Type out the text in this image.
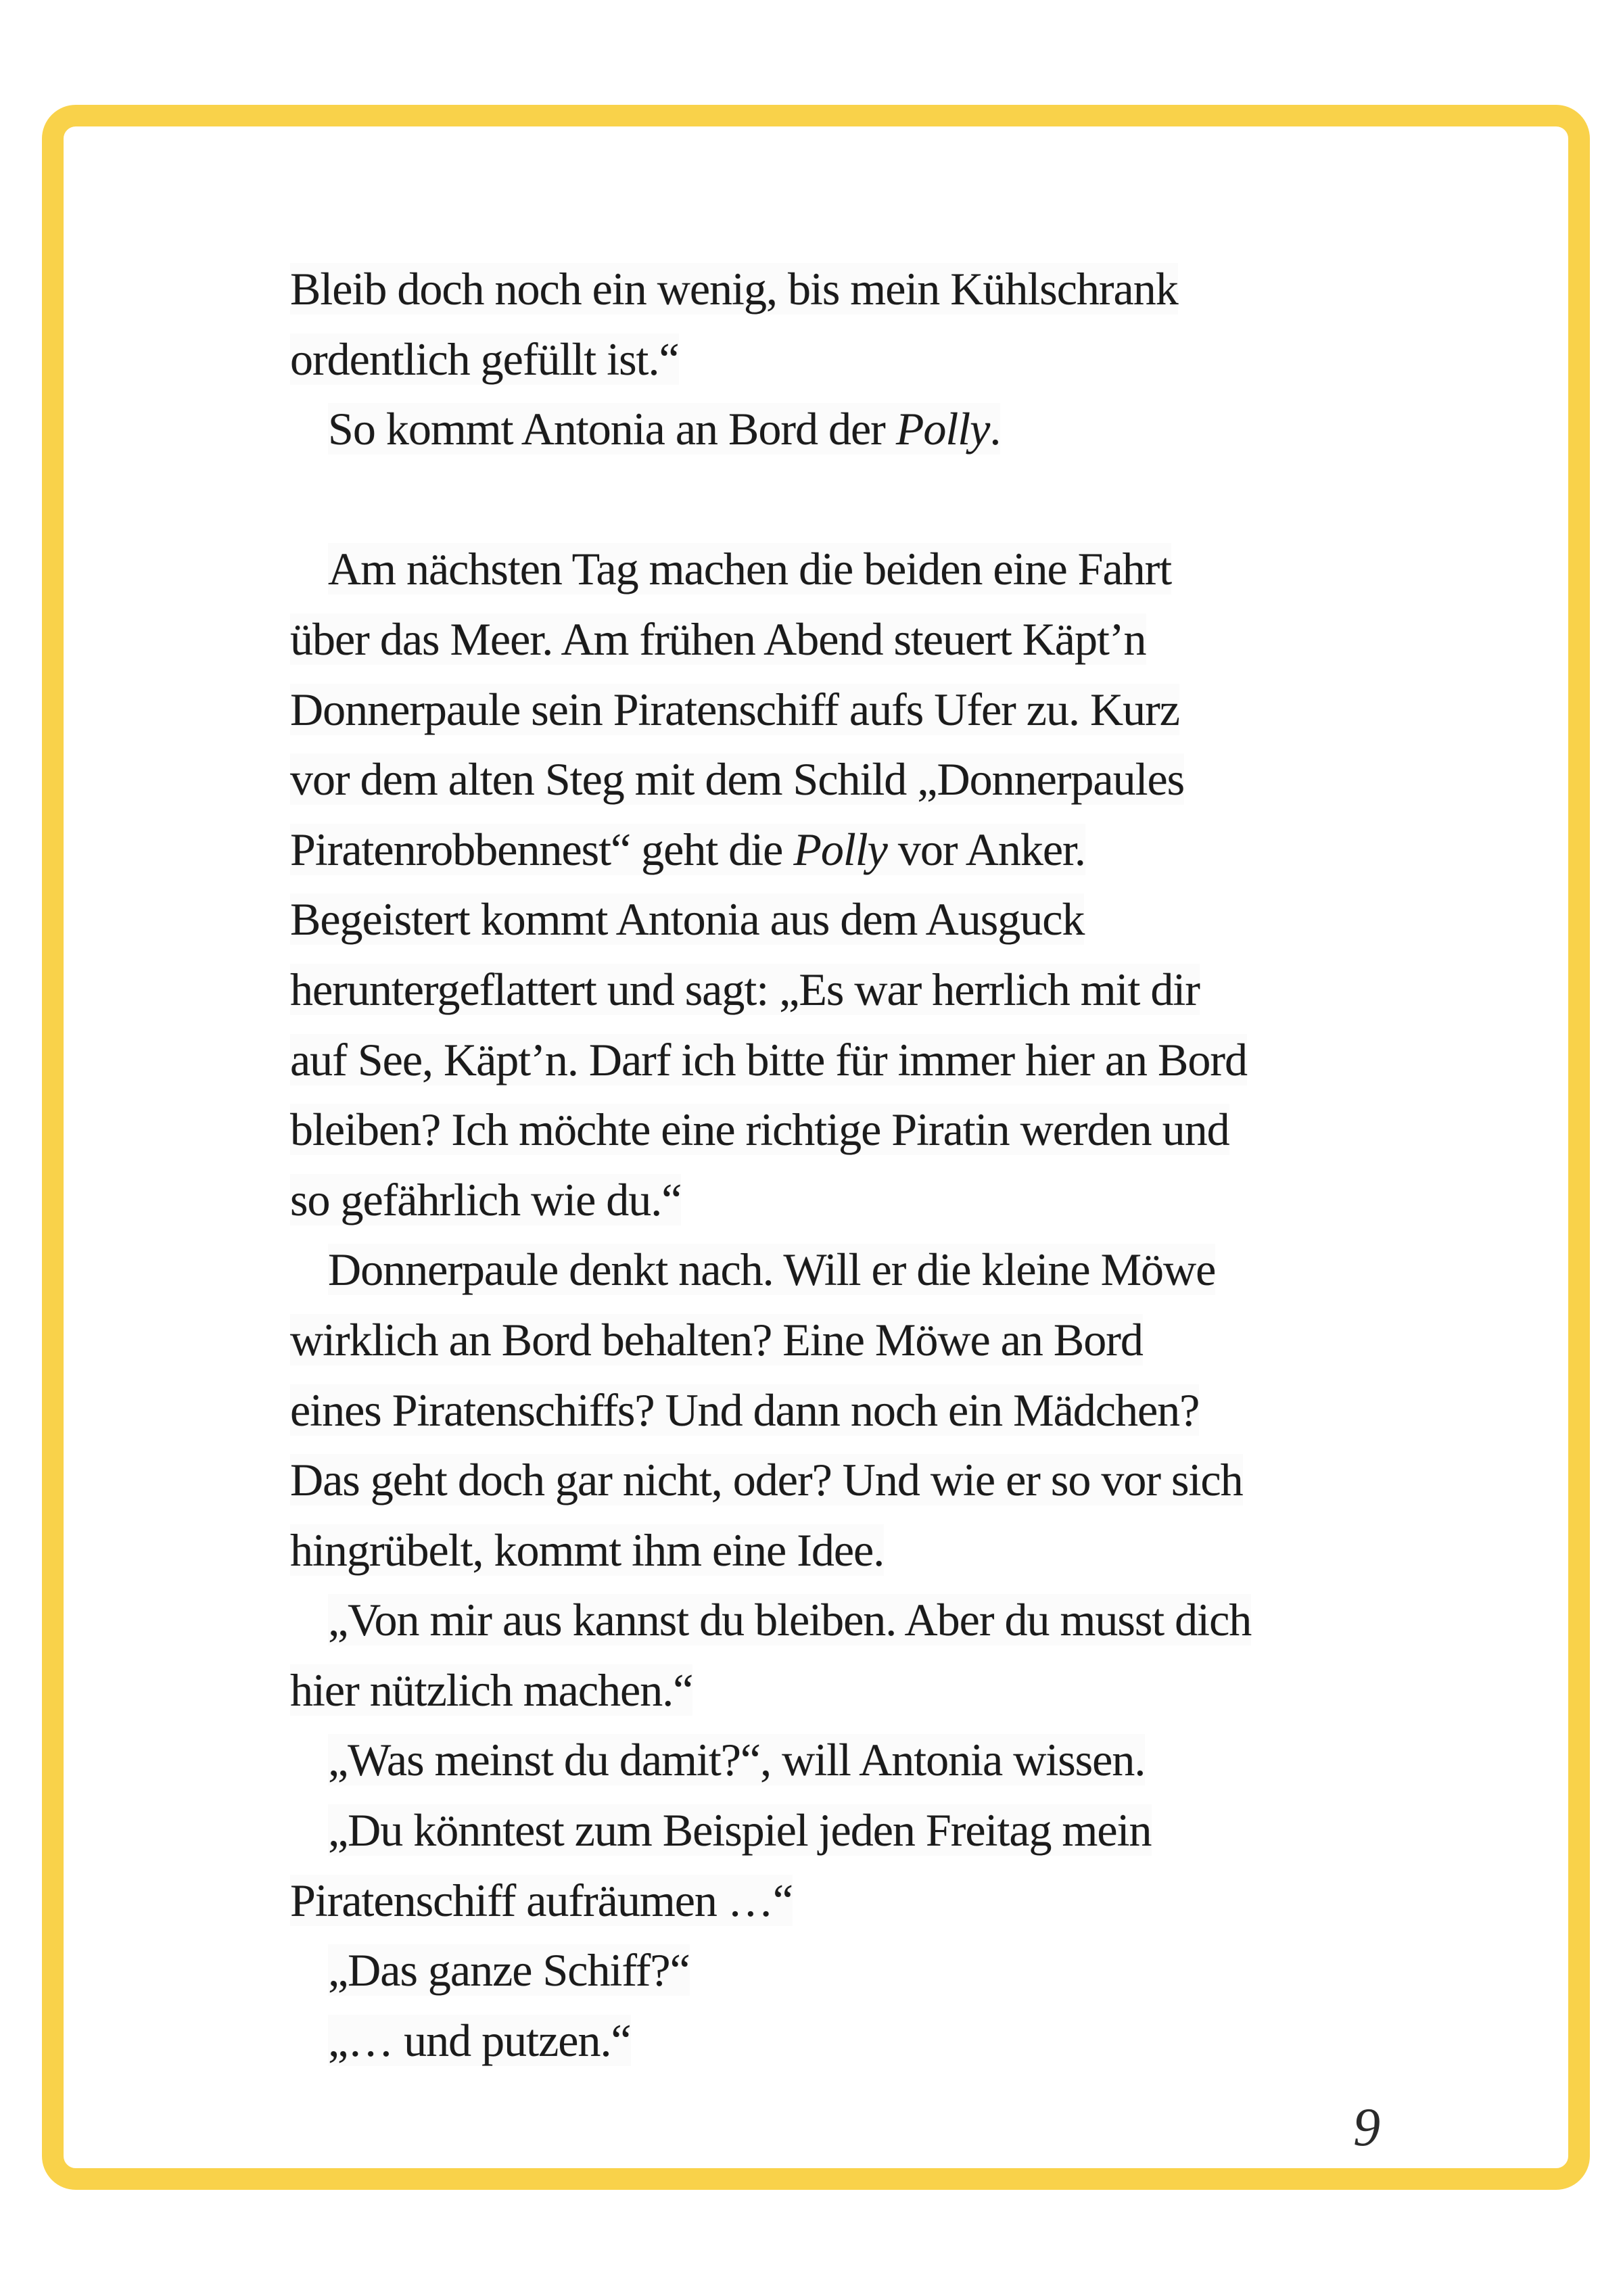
Bleib doch noch ein wenig, bis mein Kühlschrank
ordentlich gefüllt ist.“
So kommt Antonia an Bord der Polly.
Am nächsten Tag machen die beiden eine Fahrt
über das Meer. Am frühen Abend steuert Käpt’n
Donnerpaule sein Piratenschiff aufs Ufer zu. Kurz
vor dem alten Steg mit dem Schild „Donnerpaules
Piratenrobbennest“ geht die Polly vor Anker.
Begeistert kommt Antonia aus dem Ausguck
heruntergeflattert und sagt: „Es war herrlich mit dir
auf See, Käpt’n. Darf ich bitte für immer hier an Bord
bleiben? Ich möchte eine richtige Piratin werden und
so gefährlich wie du.“
Donnerpaule denkt nach. Will er die kleine Möwe
wirklich an Bord behalten? Eine Möwe an Bord
eines Piratenschiffs? Und dann noch ein Mädchen?
Das geht doch gar nicht, oder? Und wie er so vor sich
hingrübelt, kommt ihm eine Idee.
„Von mir aus kannst du bleiben. Aber du musst dich
hier nützlich machen.“
„Was meinst du damit?“, will Antonia wissen.
„Du könntest zum Beispiel jeden Freitag mein
Piratenschiff aufräumen …“
„Das ganze Schiff?“
„… und putzen.“
9
